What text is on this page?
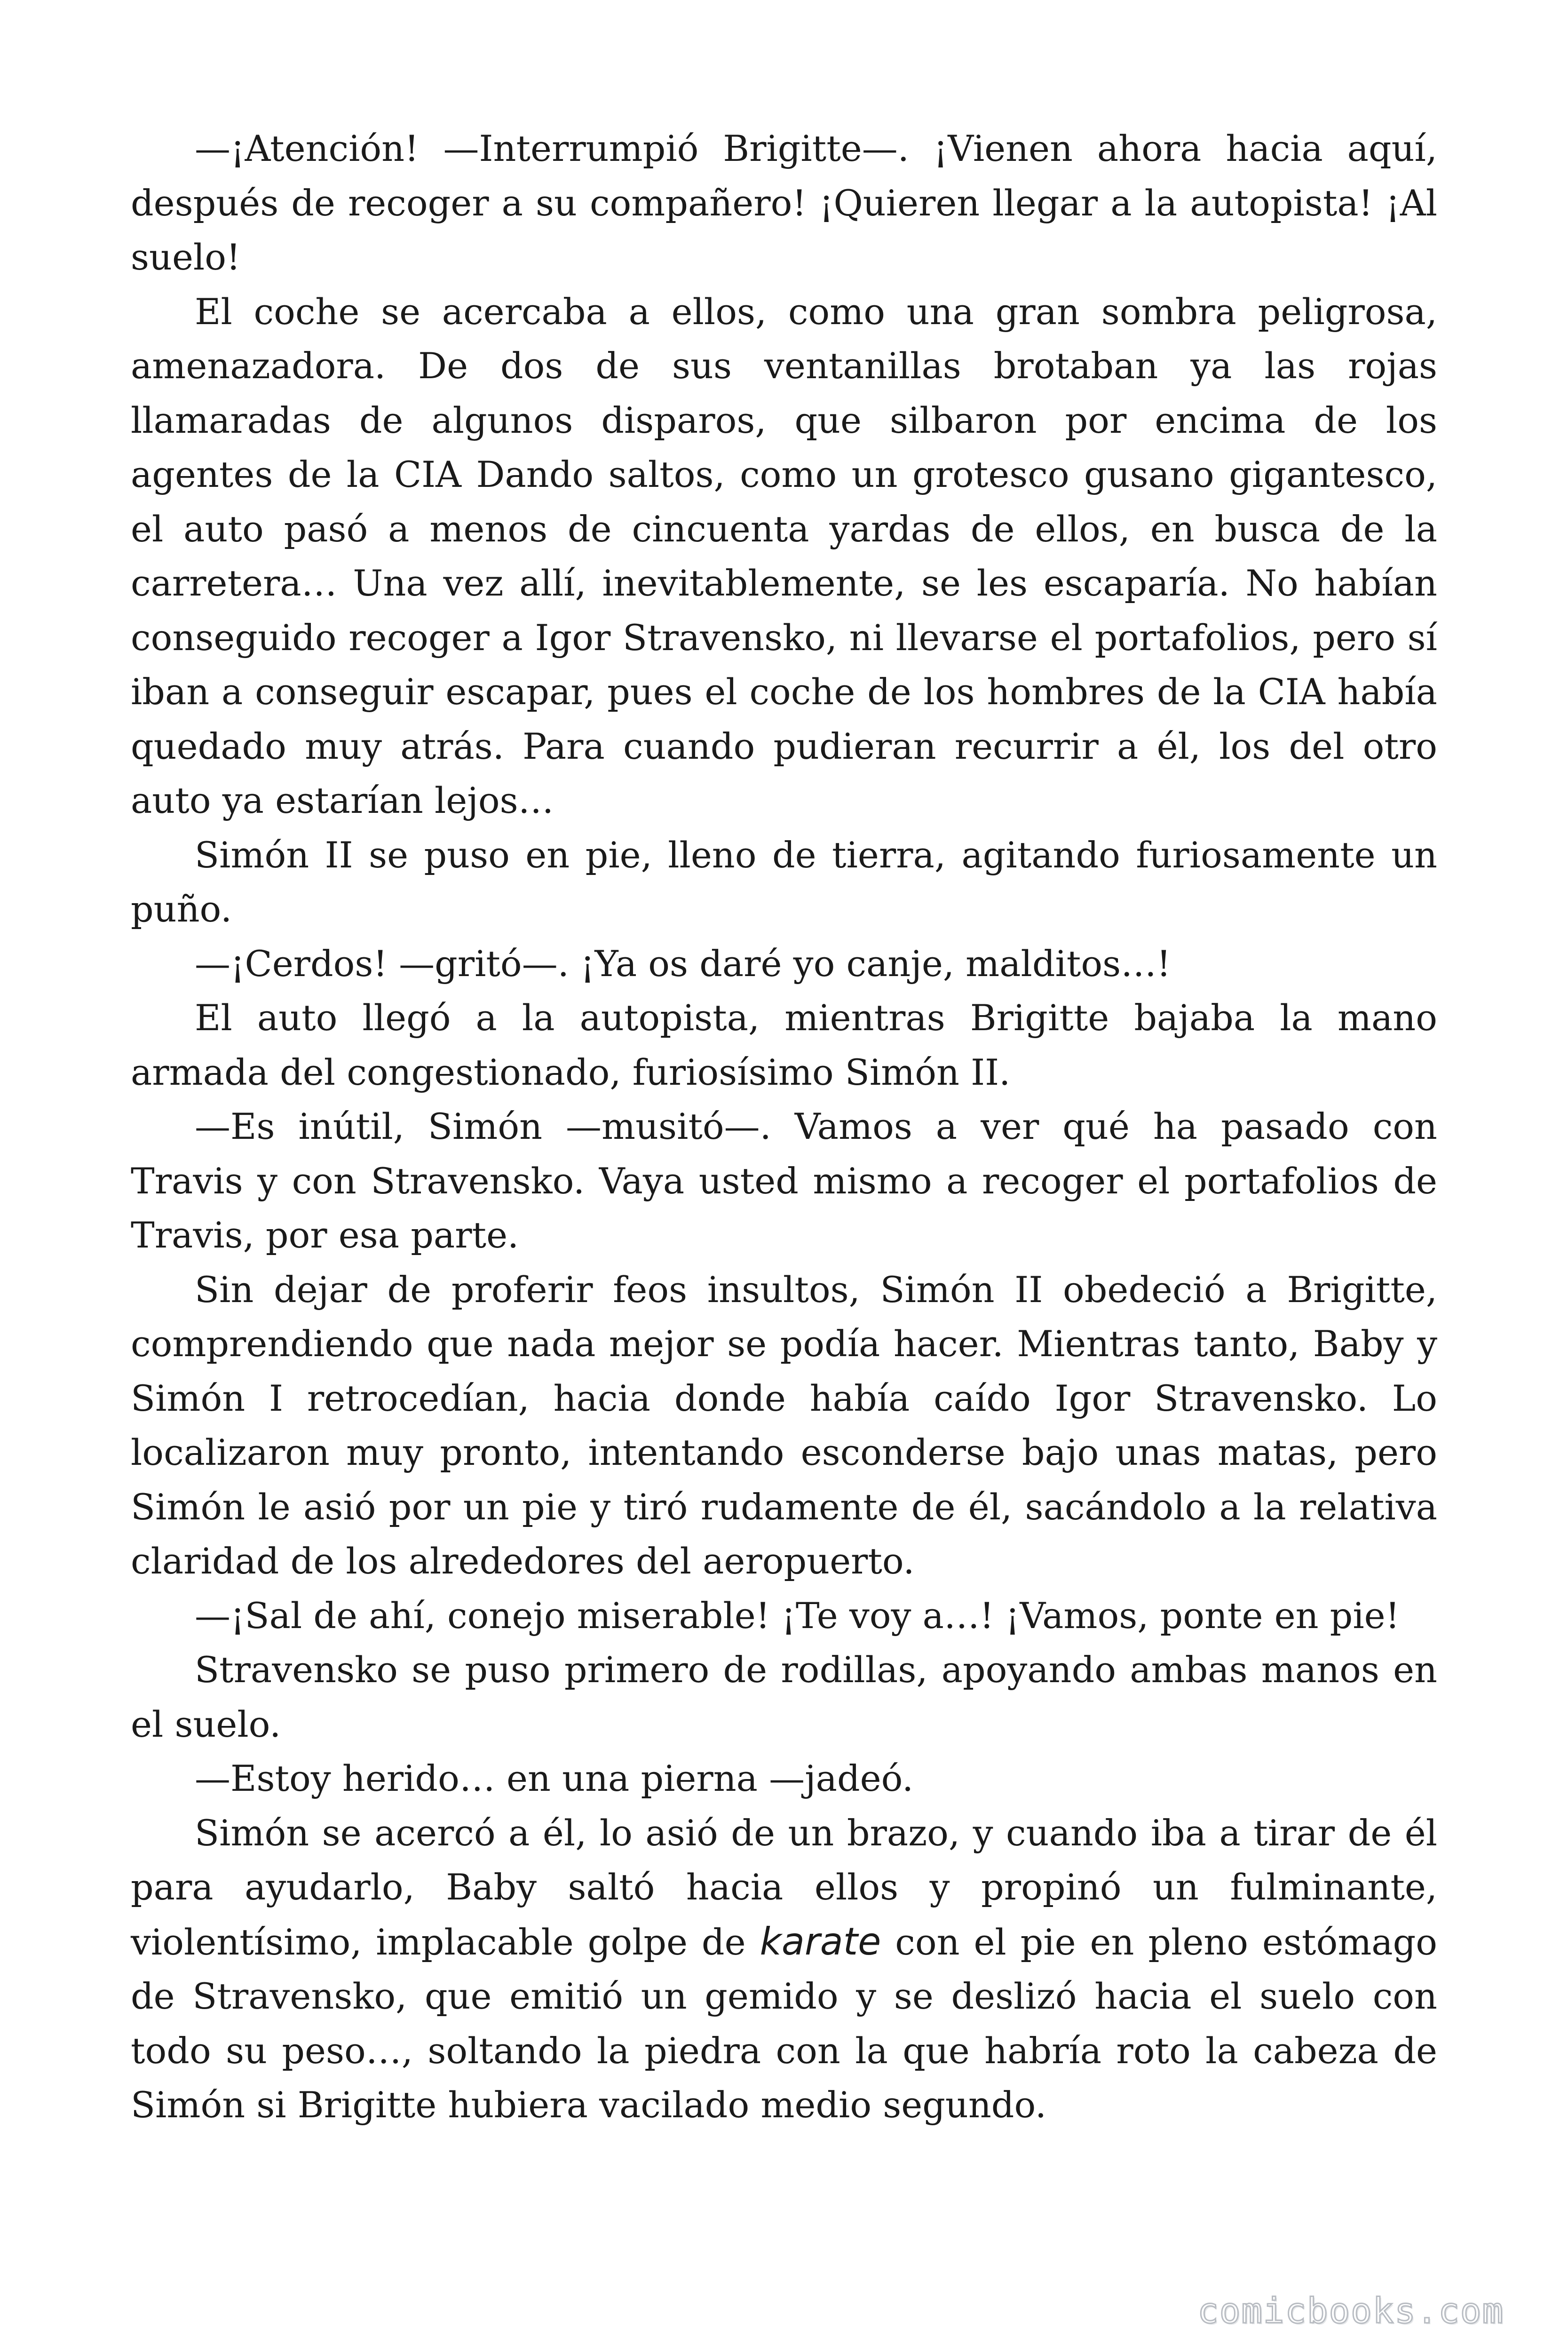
—¡Atención! —Interrumpió Brigitte—. ¡Vienen ahora hacia aquí, después de recoger a su compañero! ¡Quieren llegar a la autopista! ¡Al suelo!

El coche se acercaba a ellos, como una gran sombra peligrosa, amenazadora. De dos de sus ventanillas brotaban ya las rojas llamaradas de algunos disparos, que silbaron por encima de los agentes de la CIA Dando saltos, como un grotesco gusano gigantesco, el auto pasó a menos de cincuenta yardas de ellos, en busca de la carretera… Una vez allí, inevitablemente, se les escaparía. No habían conseguido recoger a Igor Stravensko, ni llevarse el portafolios, pero sí iban a conseguir escapar, pues el coche de los hombres de la CIA había quedado muy atrás. Para cuando pudieran recurrir a él, los del otro auto ya estarían lejos…

Simón II se puso en pie, lleno de tierra, agitando furiosamente un puño.

—¡Cerdos! —gritó—. ¡Ya os daré yo canje, malditos…!

El auto llegó a la autopista, mientras Brigitte bajaba la mano armada del congestionado, furiosísimo Simón II.

—Es inútil, Simón —musitó—. Vamos a ver qué ha pasado con Travis y con Stravensko. Vaya usted mismo a recoger el portafolios de Travis, por esa parte.

Sin dejar de proferir feos insultos, Simón II obedeció a Brigitte, comprendiendo que nada mejor se podía hacer. Mientras tanto, Baby y Simón I retrocedían, hacia donde había caído Igor Stravensko. Lo localizaron muy pronto, intentando esconderse bajo unas matas, pero Simón le asió por un pie y tiró rudamente de él, sacándolo a la relativa claridad de los alrededores del aeropuerto.

—¡Sal de ahí, conejo miserable! ¡Te voy a…! ¡Vamos, ponte en pie!

Stravensko se puso primero de rodillas, apoyando ambas manos en el suelo.

—Estoy herido… en una pierna —jadeó.

Simón se acercó a él, lo asió de un brazo, y cuando iba a tirar de él para ayudarlo, Baby saltó hacia ellos y propinó un fulminante, violentísimo, implacable golpe de karate con el pie en pleno estómago de Stravensko, que emitió un gemido y se deslizó hacia el suelo con todo su peso…, soltando la piedra con la que habría roto la cabeza de Simón si Brigitte hubiera vacilado medio segundo.

comicbooks.com
